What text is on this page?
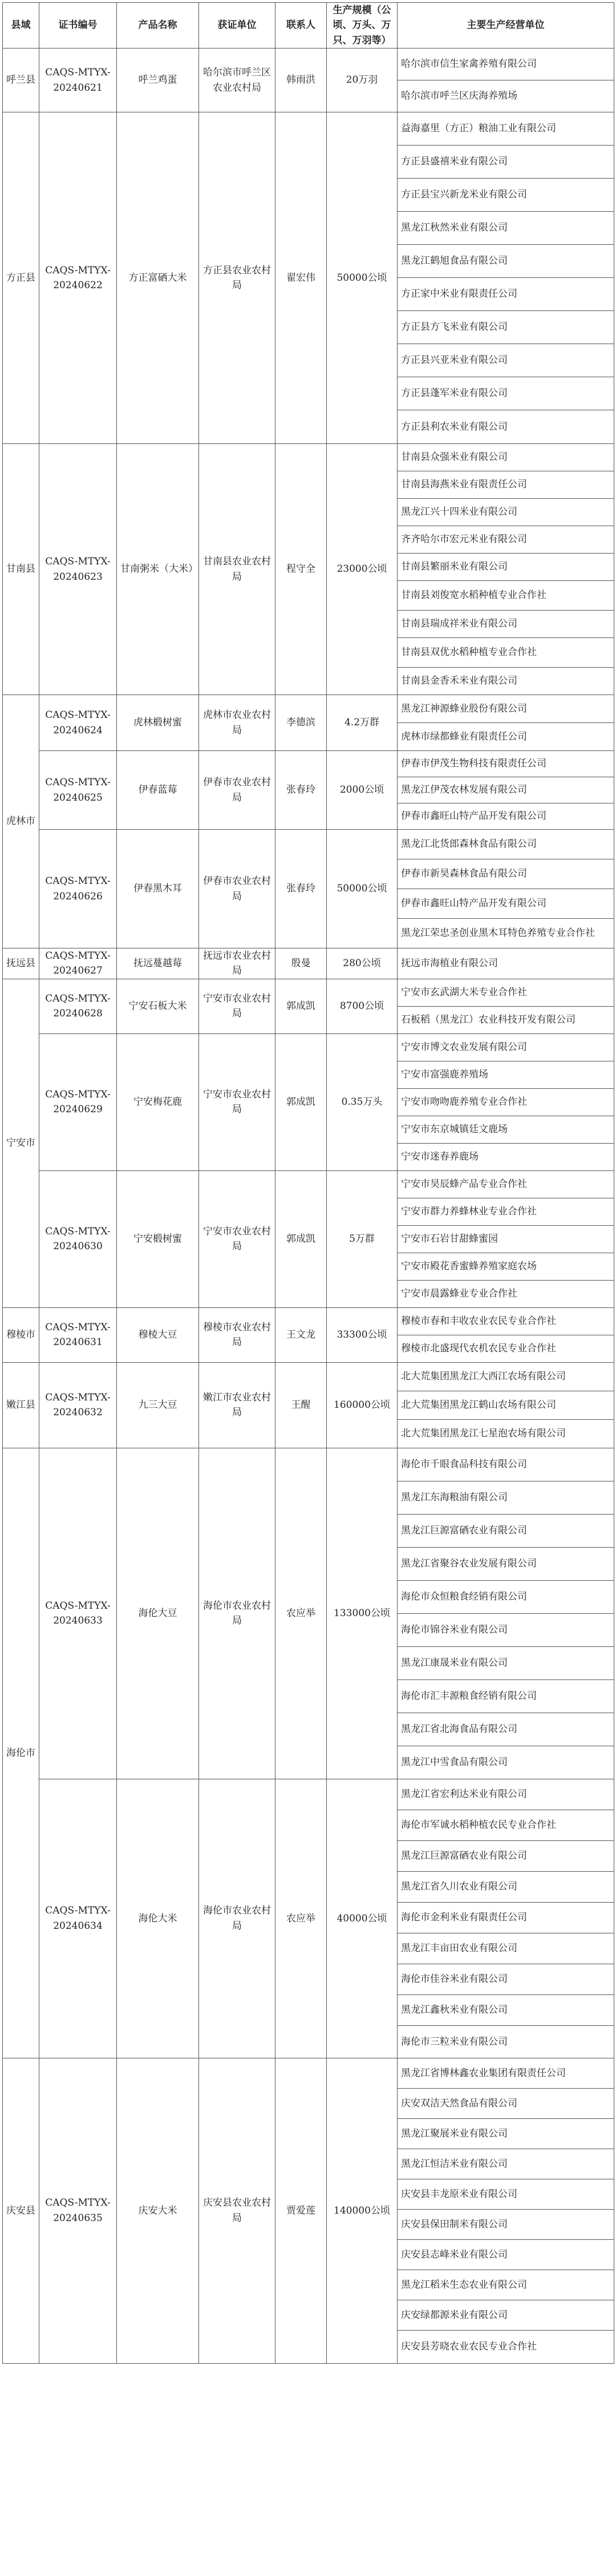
县域	证书编号	产品名称	获证单位	联系人	生产规模（公顷、万头、万只、万羽等）	主要生产经营单位
呼兰县	CAQS-MTYX-20240621	呼兰鸡蛋	哈尔滨市呼兰区农业农村局	韩雨洪	20万羽	哈尔滨市信生家禽养殖有限公司
						哈尔滨市呼兰区庆海养殖场
方正县	CAQS-MTYX-20240622	方正富硒大米	方正县农业农村局	翟宏伟	50000公顷	益海嘉里（方正）粮油工业有限公司
						方正县盛禧米业有限公司
						方正县宝兴新龙米业有限公司
						黑龙江秋然米业有限公司
						黑龙江鹤旭食品有限公司
						方正家中米业有限责任公司
						方正县方飞米业有限公司
						方正县兴亚米业有限公司
						方正县蓬军米业有限公司
						方正县利农米业有限公司
甘南县	CAQS-MTYX-20240623	甘南粥米（大米）	甘南县农业农村局	程守全	23000公顷	甘南县众强米业有限公司
						甘南县海燕米业有限责任公司
						黑龙江兴十四米业有限公司
						齐齐哈尔市宏元米业有限公司
						甘南县繁丽米业有限公司
						甘南县刘俊宽水稻种植专业合作社
						甘南县瑞成祥米业有限公司
						甘南县双优水稻种植专业合作社
						甘南县金香禾米业有限公司
虎林市	CAQS-MTYX-20240624	虎林椴树蜜	虎林市农业农村局	李德滨	4.2万群	黑龙江神源蜂业股份有限公司
						虎林市绿都蜂业有限责任公司
	CAQS-MTYX-20240625	伊春蓝莓	伊春市农业农村局	张春玲	2000公顷	伊春市伊茂生物科技有限责任公司
						黑龙江伊茂农林发展有限公司
						伊春市鑫旺山特产品开发有限公司
	CAQS-MTYX-20240626	伊春黑木耳	伊春市农业农村局	张春玲	50000公顷	黑龙江北货郎森林食品有限公司
						伊春市新昊森林食品有限公司
						伊春市鑫旺山特产品开发有限公司
						黑龙江荣忠圣创业黑木耳特色养殖专业合作社
抚远县	CAQS-MTYX-20240627	抚远蔓越莓	抚远市农业农村局	殷曼	280公顷	抚远市海植业有限公司
宁安市	CAQS-MTYX-20240628	宁安石板大米	宁安市农业农村局	郭成凯	8700公顷	宁安市玄武湖大米专业合作社
						石板稻（黑龙江）农业科技开发有限公司
	CAQS-MTYX-20240629	宁安梅花鹿	宁安市农业农村局	郭成凯	0.35万头	宁安市博文农业发展有限公司
						宁安市富强鹿养殖场
						宁安市吻吻鹿养殖专业合作社
						宁安市东京城镇廷文鹿场
						宁安市迷春养鹿场
	CAQS-MTYX-20240630	宁安椴树蜜	宁安市农业农村局	郭成凯	5万群	宁安市昊辰蜂产品专业合作社
						宁安市群力养蜂林业专业合作社
						宁安市石岩甘甜蜂蜜园
						宁安市殿花香蜜蜂养殖家庭农场
						宁安市晨露蜂业专业合作社
穆棱市	CAQS-MTYX-20240631	穆棱大豆	穆棱市农业农村局	王文龙	33300公顷	穆棱市春和丰收农业农民专业合作社
						穆棱市北盛现代农机农民专业合作社
嫩江县	CAQS-MTYX-20240632	九三大豆	嫩江市农业农村局	王醒	160000公顷	北大荒集团黑龙江大西江农场有限公司
						北大荒集团黑龙江鹤山农场有限公司
						北大荒集团黑龙江七星泡农场有限公司
海伦市	CAQS-MTYX-20240633	海伦大豆	海伦市农业农村局	农应举	133000公顷	海伦市千眼食品科技有限公司
						黑龙江东海粮油有限公司
						黑龙江巨源富硒农业有限公司
						黑龙江省聚谷农业发展有限公司
						海伦市众恒粮食经销有限公司
						海伦市锦谷米业有限公司
						黑龙江康晟米业有限公司
						海伦市汇丰源粮食经销有限公司
						黑龙江省北海食品有限公司
						黑龙江中雪食品有限公司
	CAQS-MTYX-20240634	海伦大米	海伦市农业农村局	农应举	40000公顷	黑龙江省宏利达米业有限公司
						海伦市军诚水稻种植农民专业合作社
						黑龙江巨源富硒农业有限公司
						黑龙江省久川农业有限公司
						海伦市金利米业有限责任公司
						黑龙江丰亩田农业有限公司
						海伦市佳谷米业有限公司
						黑龙江鑫秋米业有限公司
						海伦市三粒米业有限公司
庆安县	CAQS-MTYX-20240635	庆安大米	庆安县农业农村局	贾爱莲	140000公顷	黑龙江省博林鑫农业集团有限责任公司
						庆安双洁天然食品有限公司
						黑龙江聚展米业有限公司
						黑龙江恒洁米业有限公司
						庆安县丰龙原米业有限公司
						庆安县保田制米有限公司
						庆安县志峰米业有限公司
						黑龙江稻米生态农业有限公司
						庆安绿都源米业有限公司
						庆安县芳晓农业农民专业合作社
